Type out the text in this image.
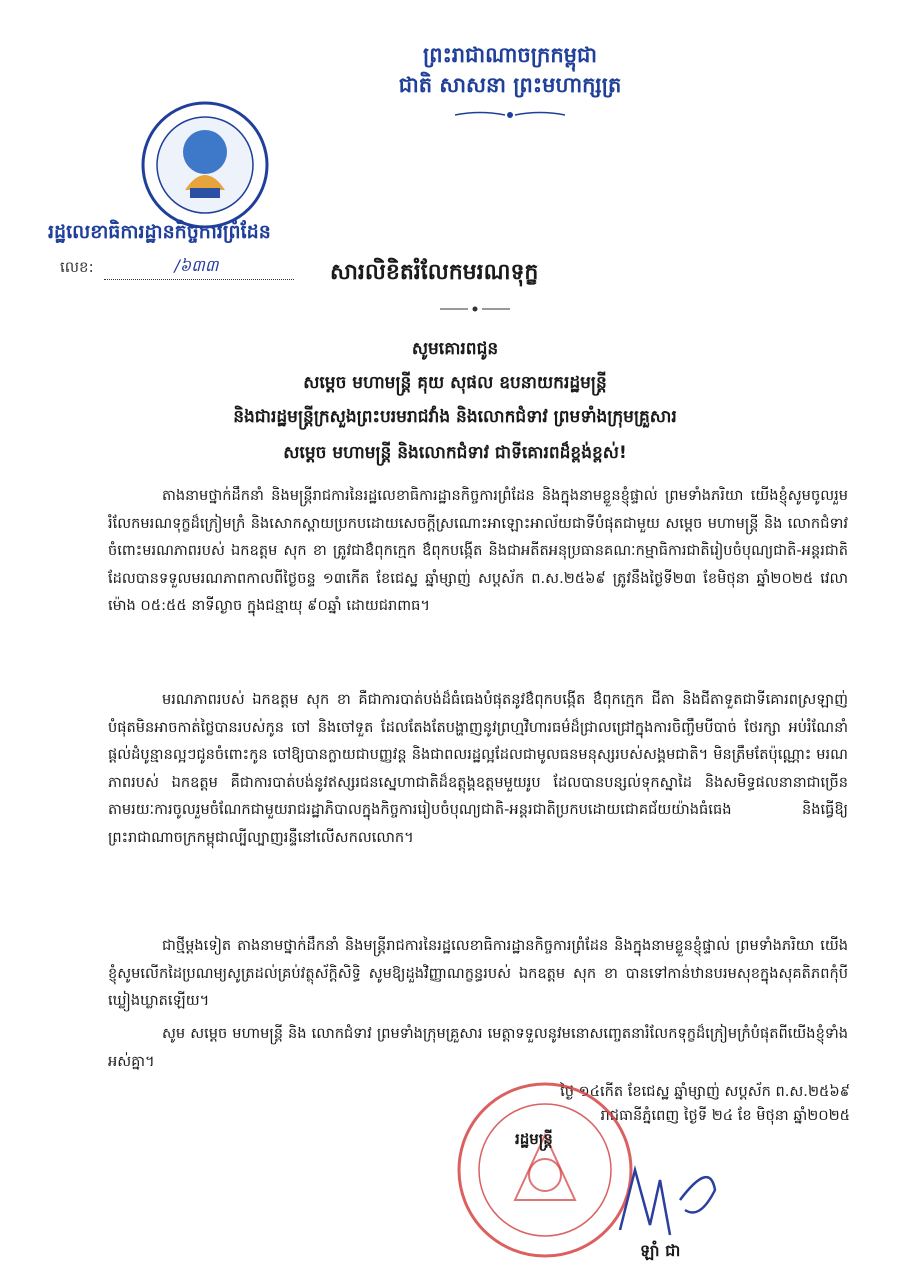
ព្រះរាជាណាចក្រកម្ពុជា
ជាតិ សាសនា ព្រះមហាក្សត្រ
រដ្ឋលេខាធិការដ្ឋានកិច្ចការព្រំដែន
លេខ:	/៦៣៣	សារលិខិតរំលែកមរណទុក្ខ
សូមគោរពជូន
សម្តេច មហាមន្ត្រី គុយ សុផល ឧបនាយករដ្ឋមន្ត្រី
និងជារដ្ឋមន្ត្រីក្រសួងព្រះបរមរាជវាំង និងលោកជំទាវ ព្រមទាំងក្រុមគ្រួសារ
សម្តេច មហាមន្ត្រី និងលោកជំទាវ ជាទីគោរពដ៏ខ្ពង់ខ្ពស់!
តាងនាមថ្នាក់ដឹកនាំ និងមន្ត្រីរាជការនៃរដ្ឋលេខាធិការដ្ឋានកិច្ចការព្រំដែន និងក្នុងនាមខ្លួនខ្ញុំផ្ទាល់ ព្រមទាំងភរិយា យើងខ្ញុំសូមចូលរួមរំលែកមរណទុក្ខដ៏ក្រៀមក្រំ និងសោកស្តាយប្រកបដោយសេចក្តីស្រណោះអាឡោះអាល័យជាទីបំផុតជាមួយ សម្តេច មហាមន្ត្រី និង លោកជំទាវ ចំពោះមរណភាពរបស់ ឯកឧត្តម សុក ខា ត្រូវជាឳពុកក្មេក ឳពុកបង្កើត និងជាអតីតអនុប្រធានគណៈកម្មាធិការជាតិរៀបចំបុណ្យជាតិ-អន្តរជាតិ ដែលបានទទួលមរណភាពកាលពីថ្ងៃចន្ទ ១៣កើត ខែជេស្ឋ ឆ្នាំម្សាញ់ សប្តស័ក ព.ស.២៥៦៩ ត្រូវនឹងថ្ងៃទី២៣ ខែមិថុនា ឆ្នាំ២០២៥ វេលាម៉ោង ០៥:៥៥ នាទីល្ងាច ក្នុងជន្មាយុ ៩០ឆ្នាំ ដោយជរាពាធ។
មរណភាពរបស់ ឯកឧត្តម សុក ខា គឺជាការបាត់បង់ដ៏ធំធេងបំផុតនូវឳពុកបង្កើត ឳពុកក្មេក ជីតា និងជីតាទួតជាទីគោរពស្រឡាញ់បំផុតមិនអាចកាត់ថ្លៃបានរបស់កូន ចៅ និងចៅទួត ដែលតែងតែបង្ហាញនូវព្រហ្មវិហារធម៌ដ៏ជ្រាលជ្រៅក្នុងការចិញ្ចឹមបីបាច់ ថែរក្សា អប់រំណែនាំ ផ្តល់ដំបូន្មានល្អៗជូនចំពោះកូន ចៅឱ្យបានក្លាយជាបញ្ញវន្ត និងជាពលរដ្ឋល្អដែលជាមូលធនមនុស្សរបស់សង្គមជាតិ។ មិនត្រឹមតែប៉ុណ្ណោះ មរណភាពរបស់ ឯកឧត្តម គឺជាការបាត់បង់នូវឥស្សរជនស្នេហាជាតិដ៏ឧត្តុង្គឧត្តមមួយរូប ដែលបានបន្សល់ទុកស្នាដៃ និងសមិទ្ធផលនានាជាច្រើនតាមរយៈការចូលរួមចំណែកជាមួយរាជរដ្ឋាភិបាលក្នុងកិច្ចការរៀបចំបុណ្យជាតិ-អន្តរជាតិប្រកបដោយជោគជ័យយ៉ាងធំធេង និងធ្វើឱ្យព្រះរាជាណាចក្រកម្ពុជាល្បីល្បាញរន្ទឺនៅលើសកលលោក។
ជាថ្មីម្តងទៀត តាងនាមថ្នាក់ដឹកនាំ និងមន្ត្រីរាជការនៃរដ្ឋលេខាធិការដ្ឋានកិច្ចការព្រំដែន និងក្នុងនាមខ្លួនខ្ញុំផ្ទាល់ ព្រមទាំងភរិយា យើងខ្ញុំសូមលើកដៃប្រណម្យសូត្រដល់គ្រប់វត្ថុស័ក្តិសិទ្ធិ សូមឱ្យដួងវិញ្ញាណក្ខន្ធរបស់ ឯកឧត្តម សុក ខា បានទៅកាន់ឋានបរមសុខក្នុងសុគតិភពកុំបីឃ្លៀងឃ្លាតឡើយ។
សូម សម្តេច មហាមន្ត្រី និង លោកជំទាវ ព្រមទាំងក្រុមគ្រួសារ មេត្តាទទួលនូវមនោសញ្ចេតនារំលែកទុក្ខដ៏ក្រៀមក្រំបំផុតពីយើងខ្ញុំទាំងអស់គ្នា។
ថ្ងៃ ១៤កើត ខែជេស្ឋ ឆ្នាំម្សាញ់ សប្តស័ក ព.ស.២៥៦៩
រាជធានីភ្នំពេញ ថ្ងៃទី ២៤ ខែ មិថុនា ឆ្នាំ២០២៥
រដ្ឋមន្ត្រី
ឡាំ ជា
